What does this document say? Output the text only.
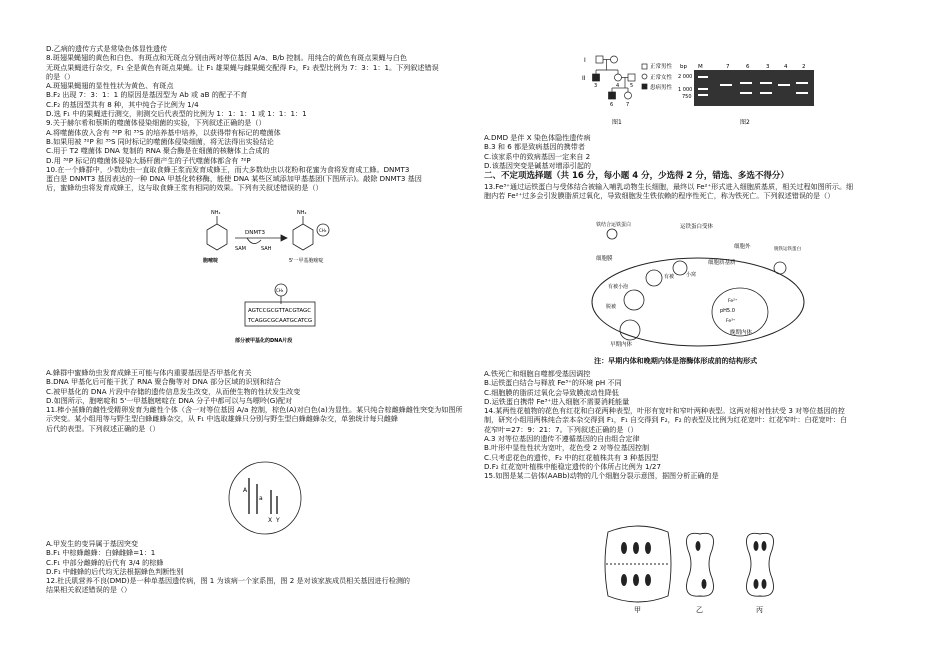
D.乙病的遗传方式是常染色体显性遗传

8.斑翅果蝇翅的黄色和白色、有斑点和无斑点分别由两对等位基因 A/a、B/b 控制。用纯合的黄色有斑点果蝇与白色

无斑点果蝇进行杂交，F₁ 全是黄色有斑点果蝇。让 F₁ 雄果蝇与雌果蝇交配得 F₂，F₂ 表型比例为 7：3：1：1。下列叙述错误

的是（）

A.斑翅果蝇翅的显性性状为黄色、有斑点

B.F₂ 出现 7：3：1：1 的原因是基因型为 Ab 或 aB 的配子不育

C.F₂ 的基因型共有 8 种，其中纯合子比例为 1/4

D.选 F₁ 中的果蝇进行测交，则测交后代表型的比例为 1：1：1：1 或 1：1：1：1

9.关于赫尔希和蔡斯的噬菌体侵染细菌的实验，下列叙述正确的是（）

A.将噬菌体放入含有 ³²P 和 ³⁵S 的培养基中培养，以获得带有标记的噬菌体

B.如果用被 ³²P 和 ³⁵S 同时标记的噬菌体侵染细菌，将无法得出实验结论

C.用于 T2 噬菌体 DNA 复制的 RNA 聚合酶是在细菌的核糖体上合成的

D.用 ³²P 标记的噬菌体侵染大肠杆菌产生的子代噬菌体都含有 ³²P

10.在一个蜂群中，少数幼虫一直取食蜂王浆而发育成蜂王，而大多数幼虫以花粉和花蜜为食将发育成工蜂。DNMT3

蛋白是 DNMT3 基因表达的一种 DNA 甲基化转移酶，能使 DNA 某些区域添加甲基基团(下图所示)。敲除 DNMT3 基因

后，蜜蜂幼虫将发育成蜂王，这与取食蜂王浆有相同的效果。下列有关叙述错误的是（）

NH₂	NH₂
DNMT3
SAM	SAH
CH₃
胞嘧啶	5'一甲基胞嘧啶
CH₃
AGTCCGCGTTACGTAGC
TCAGGCGCAATGCATCG
部分被甲基化的DNA片段

A.蜂群中蜜蜂幼虫发育成蜂王可能与体内重要基因是否甲基化有关

B.DNA 甲基化后可能干扰了 RNA 聚合酶等对 DNA 部分区域的识别和结合

C.被甲基化的 DNA 片段中存储的遗传信息发生改变，从而使生物的性状发生改变

D.如图所示，胞嘧啶和 5'一甲基胞嘧啶在 DNA 分子中都可以与鸟嘌呤(G)配对

11.棒小茧蜂的雌性受精卵发育为雌性个体（含一对等位基因 A/a 控制，棕色(A)对白色(a)为显性。某只纯合棕雌蜂雌性突变为如图所

示突变。某小组用等与野生型白蜂雌蜂杂交，从 F₁ 中选取雄蜂只分别与野生型白蜂雌蜂杂交，单独统计每只雌蜂

后代的表型。下列叙述正确的是（）

A
a
X Y

A.甲发生的变异属于基因突变

B.F₁ 中棕蜂雌蜂：白蜂雌蜂=1：1

C.F₁ 中部分雌蜂的后代有 3/4 的棕蜂

D.F₁ 中雌蜂的后代均无法根据蜂色判断性别

12.杜氏肌营养不良(DMD)是一种单基因遗传病，图 1 为该病一个家系图，图 2 是对该家族成员相关基因进行检测的

结果相关叙述错误的是（）

I
II
正常男性
正常女性
患病男性
3	4 5
6	7
图1
bp M	7	6	3	4	2
2 000
1 000
750
图2

A.DMD 是伴 X 染色体隐性遗传病

B.3 和 6 都是致病基因的携带者

C.该家系中的致病基因一定来自 2

D.该基因突变是碱基对增添引起的

二、不定项选择题（共 16 分，每小题 4 分，少选得 2 分，错选、多选不得分）

13.Fe³⁺通过运铁蛋白与受体结合被输入哺乳动物生长细胞，最终以 Fe²⁺形式进入细胞质基质，相关过程如图所示。细

胞内若 Fe²⁺过多会引发膜脂质过氧化，导致细胞发生铁依赖的程序性死亡，称为铁死亡。下列叙述错误的是（）

铁结合运铁蛋白	运铁蛋白受体
细胞外
细胞膜
有被 小窝
细胞质基质
有被小泡
脱被
早期内体
晚期内体
pH5.0
Fe²⁺
Fe³⁺
脱铁运铁蛋白

注：早期内体和晚期内体是溶酶体形成前的结构形式

A.铁死亡和细胞自噬都受基因调控

B.运铁蛋白结合与释放 Fe³⁺的环境 pH 不同

C.细胞膜的脂质过氧化会导致膜流动性降低

D.运铁蛋白携带 Fe³⁺进入细胞不需要消耗能量

14.某两性花植物的花色有红花和白花两种表型，叶形有宽叶和窄叶两种表型。这两对相对性状受 3 对等位基因的控

制，研究小组用两株纯合亲本杂交得到 F₁，F₁ 自交得到 F₂，F₂ 的表型及比例为红花宽叶：红花窄叶：白花宽叶：白

花窄叶=27：9：21：7。下列叙述正确的是（）

A.3 对等位基因的遗传不遵循基因的自由组合定律

B.叶形中显性性状为宽叶，花色受 2 对等位基因控制

C.只考虑花色的遗传，F₂ 中的红花植株共有 3 种基因型

D.F₂ 红花宽叶植株中能稳定遗传的个体所占比例为 1/27

15.如图是某二倍体(AABb)动物的几个细胞分裂示意图，据图分析正确的是

甲	乙	丙
